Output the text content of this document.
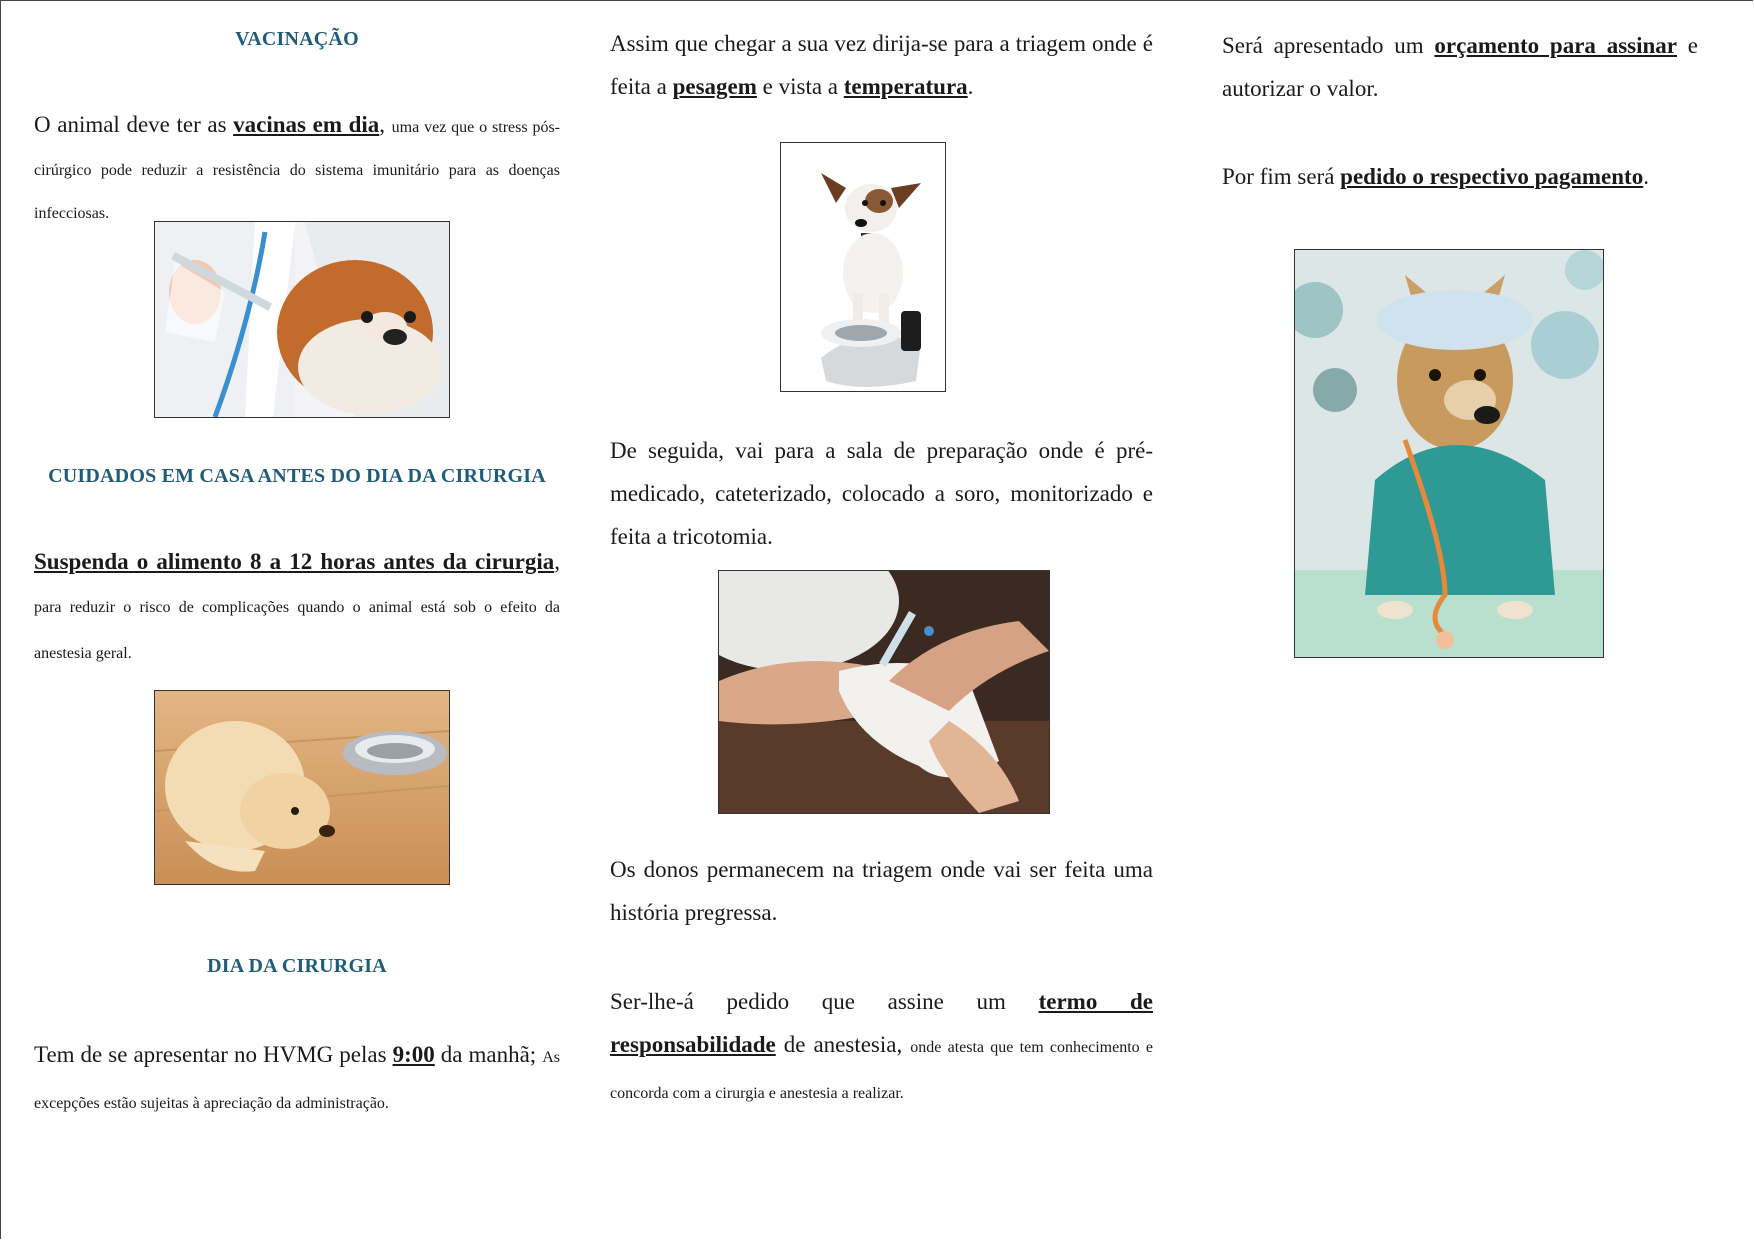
VACINAÇÃO
O animal deve ter as vacinas em dia, uma vez que o stress pós-cirúrgico pode reduzir a resistência do sistema imunitário para as doenças infecciosas.
CUIDADOS EM CASA ANTES DO DIA DA CIRURGIA
Suspenda o alimento 8 a 12 horas antes da cirurgia, para reduzir o risco de complicações quando o animal está sob o efeito da anestesia geral.
DIA DA CIRURGIA
Tem de se apresentar no HVMG pelas 9:00 da manhã; As excepções estão sujeitas à apreciação da administração.
Assim que chegar a sua vez dirija-se para a triagem onde é feita a pesagem e vista a temperatura.
De seguida, vai para a sala de preparação onde é pré-medicado, cateterizado, colocado a soro, monitorizado e feita a tricotomia.
Os donos permanecem na triagem onde vai ser feita uma história pregressa.
Ser-lhe-á pedido que assine um termo de responsabilidade de anestesia, onde atesta que tem conhecimento e concorda com a cirurgia e anestesia a realizar.
Será apresentado um orçamento para assinar e autorizar o valor.
Por fim será pedido o respectivo pagamento.
